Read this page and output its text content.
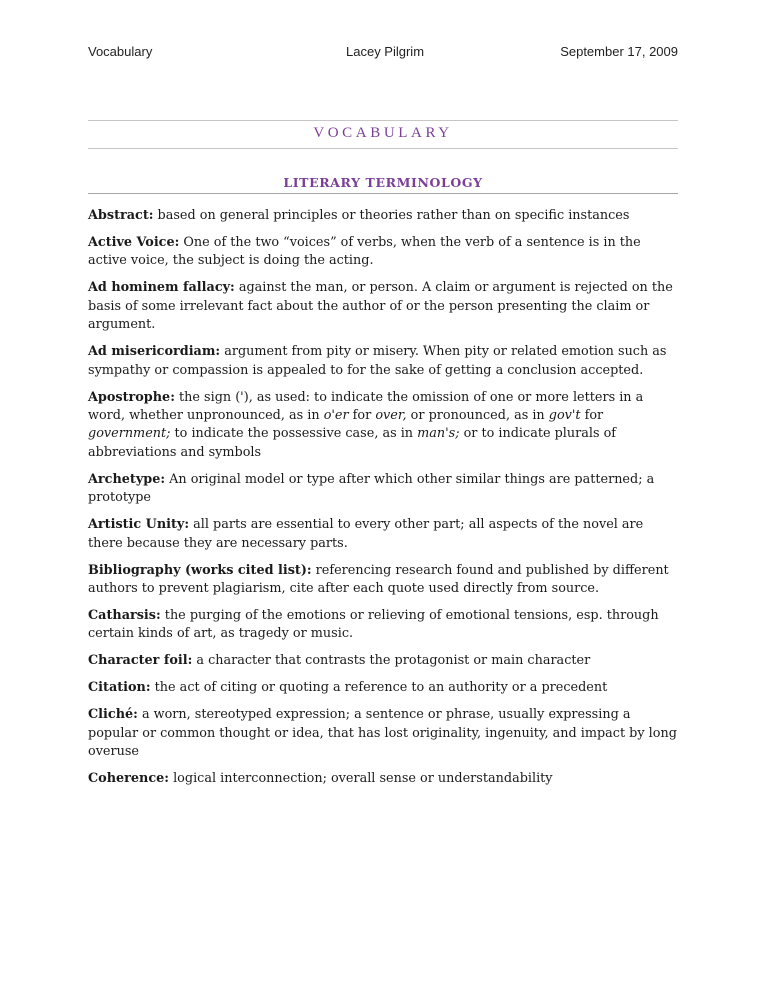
Vocabulary	Lacey Pilgrim	September 17, 2009
VOCABULARY
LITERARY TERMINOLOGY
Abstract: based on general principles or theories rather than on specific instances
Active Voice: One of the two “voices” of verbs, when the verb of a sentence is in the active voice, the subject is doing the acting.
Ad hominem fallacy: against the man, or person. A claim or argument is rejected on the basis of some irrelevant fact about the author of or the person presenting the claim or argument.
Ad misericordiam: argument from pity or misery. When pity or related emotion such as sympathy or compassion is appealed to for the sake of getting a conclusion accepted.
Apostrophe: the sign ('), as used: to indicate the omission of one or more letters in a word, whether unpronounced, as in o'er for over, or pronounced, as in gov't for government; to indicate the possessive case, as in man's; or to indicate plurals of abbreviations and symbols
Archetype: An original model or type after which other similar things are patterned; a prototype
Artistic Unity: all parts are essential to every other part; all aspects of the novel are there because they are necessary parts.
Bibliography (works cited list): referencing research found and published by different authors to prevent plagiarism, cite after each quote used directly from source.
Catharsis: the purging of the emotions or relieving of emotional tensions, esp. through certain kinds of art, as tragedy or music.
Character foil: a character that contrasts the protagonist or main character
Citation: the act of citing or quoting a reference to an authority or a precedent
Cliché: a worn, stereotyped expression; a sentence or phrase, usually expressing a popular or common thought or idea, that has lost originality, ingenuity, and impact by long overuse
Coherence: logical interconnection; overall sense or understandability
